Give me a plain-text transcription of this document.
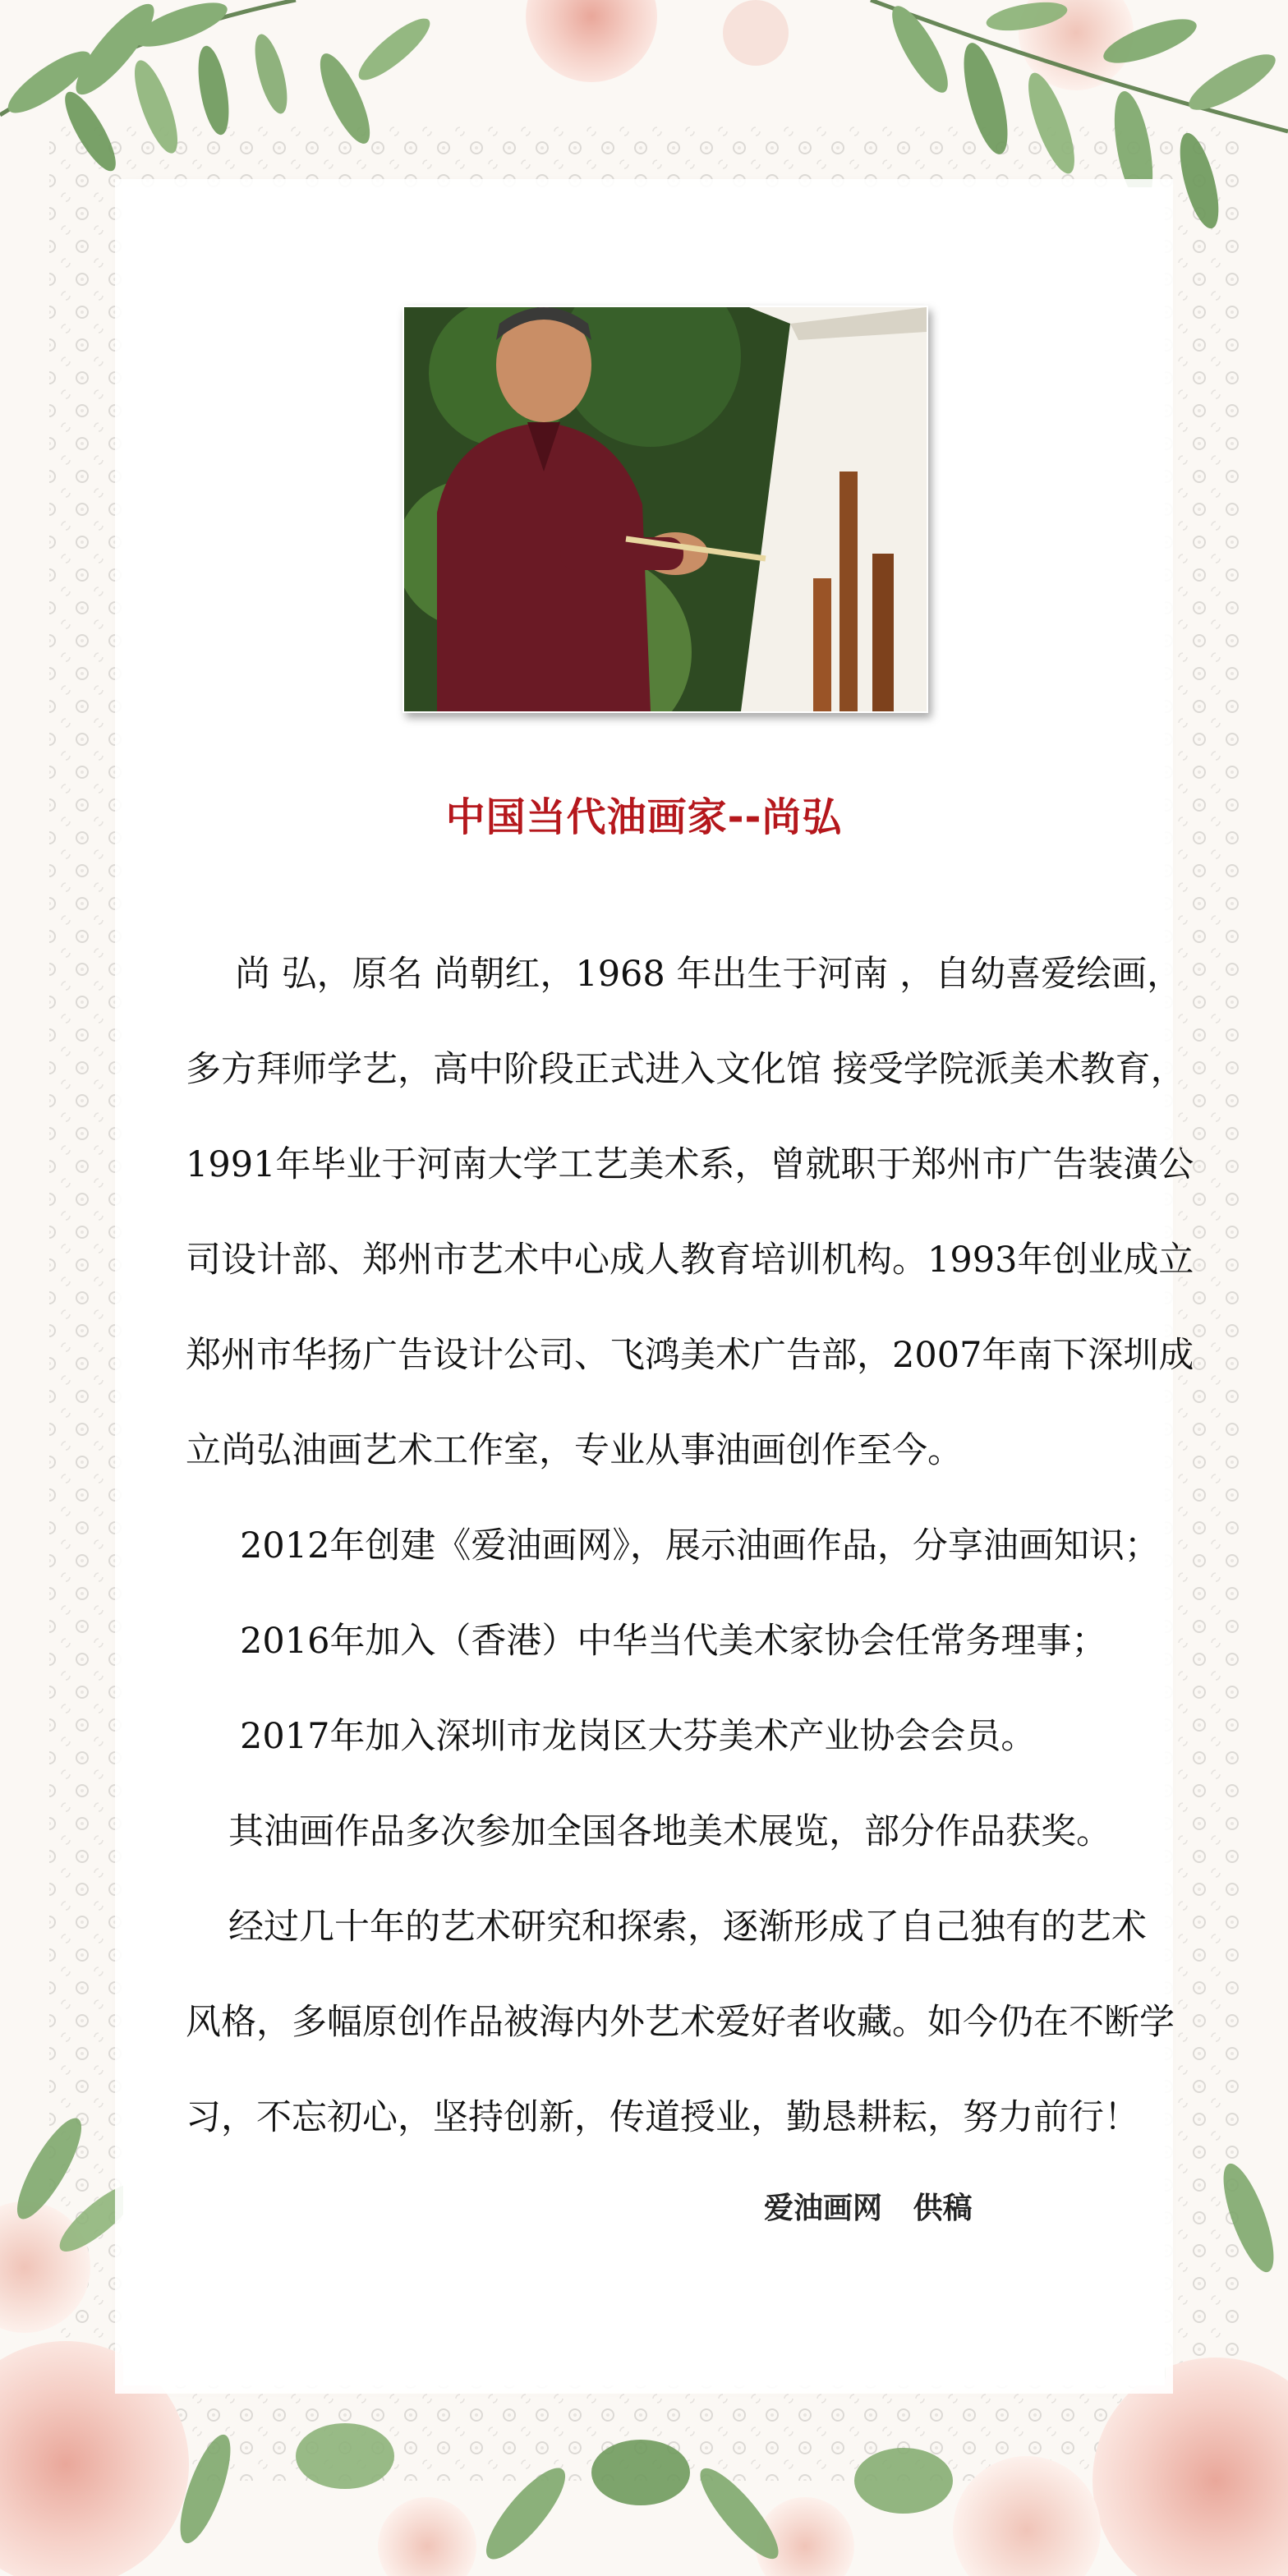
中国当代油画家--尚弘
尚 弘，原名 尚朝红，1968 年出生于河南 ，自幼喜爱绘画，
多方拜师学艺，高中阶段正式进入文化馆 接受学院派美术教育，
1991年毕业于河南大学工艺美术系，曾就职于郑州市广告装潢公
司设计部、郑州市艺术中心成人教育培训机构。1993年创业成立
郑州市华扬广告设计公司、飞鸿美术广告部，2007年南下深圳成
立尚弘油画艺术工作室，专业从事油画创作至今。
2012年创建《爱油画网》，展示油画作品，分享油画知识；
2016年加入（香港）中华当代美术家协会任常务理事；
2017年加入深圳市龙岗区大芬美术产业协会会员。
其油画作品多次参加全国各地美术展览，部分作品获奖。
经过几十年的艺术研究和探索，逐渐形成了自己独有的艺术
风格，多幅原创作品被海内外艺术爱好者收藏。如今仍在不断学
习，不忘初心，坚持创新，传道授业，勤恳耕耘，努力前行！
爱油画网   供稿
